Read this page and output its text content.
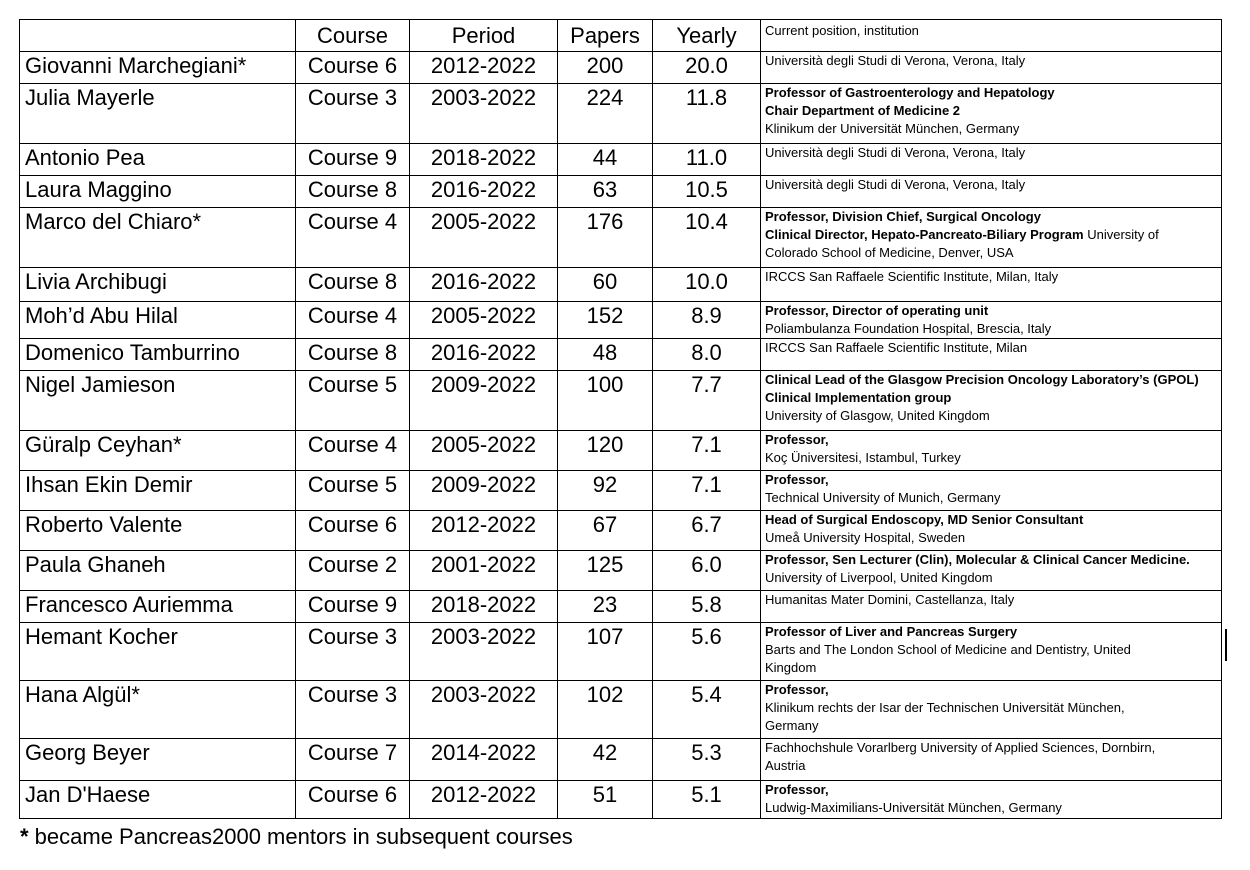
	Course	Period	Papers	Yearly	Current position, institution
Giovanni Marchegiani*	Course 6	2012-2022	200	20.0	Università degli Studi di Verona, Verona, Italy

Julia Mayerle	Course 3	2003-2022	224	11.8	Professor of Gastroenterology and Hepatology
Chair Department of Medicine 2
Klinikum der Universität München, Germany

Antonio Pea	Course 9	2018-2022	44	11.0	Università degli Studi di Verona, Verona, Italy

Laura Maggino	Course 8	2016-2022	63	10.5	Università degli Studi di Verona, Verona, Italy

Marco del Chiaro*	Course 4	2005-2022	176	10.4	Professor, Division Chief, Surgical Oncology
Clinical Director, Hepato-Pancreato-Biliary Program University of
Colorado School of Medicine, Denver, USA

Livia Archibugi	Course 8	2016-2022	60	10.0	IRCCS San Raffaele Scientific Institute, Milan, Italy

Moh’d Abu Hilal	Course 4	2005-2022	152	8.9	Professor, Director of operating unit
Poliambulanza Foundation Hospital, Brescia, Italy

Domenico Tamburrino	Course 8	2016-2022	48	8.0	IRCCS San Raffaele Scientific Institute, Milan

Nigel Jamieson	Course 5	2009-2022	100	7.7	Clinical Lead of the Glasgow Precision Oncology Laboratory’s (GPOL)
Clinical Implementation group
University of Glasgow, United Kingdom

Güralp Ceyhan*	Course 4	2005-2022	120	7.1	Professor,
Koç Üniversitesi, Istambul, Turkey

Ihsan Ekin Demir	Course 5	2009-2022	92	7.1	Professor,
Technical University of Munich, Germany

Roberto Valente	Course 6	2012-2022	67	6.7	Head of Surgical Endoscopy, MD Senior Consultant
Umeå University Hospital, Sweden

Paula Ghaneh	Course 2	2001-2022	125	6.0	Professor, Sen Lecturer (Clin), Molecular & Clinical Cancer Medicine.
University of Liverpool, United Kingdom

Francesco Auriemma	Course 9	2018-2022	23	5.8	Humanitas Mater Domini, Castellanza, Italy

Hemant Kocher	Course 3	2003-2022	107	5.6	Professor of Liver and Pancreas Surgery
Barts and The London School of Medicine and Dentistry, United
Kingdom

Hana Algül*	Course 3	2003-2022	102	5.4	Professor,
Klinikum rechts der Isar der Technischen Universität München,
Germany

Georg Beyer	Course 7	2014-2022	42	5.3	Fachhochshule Vorarlberg University of Applied Sciences, Dornbirn,
Austria

Jan D'Haese	Course 6	2012-2022	51	5.1	Professor,
Ludwig-Maximilians-Universität München, Germany
* became Pancreas2000 mentors in subsequent courses
